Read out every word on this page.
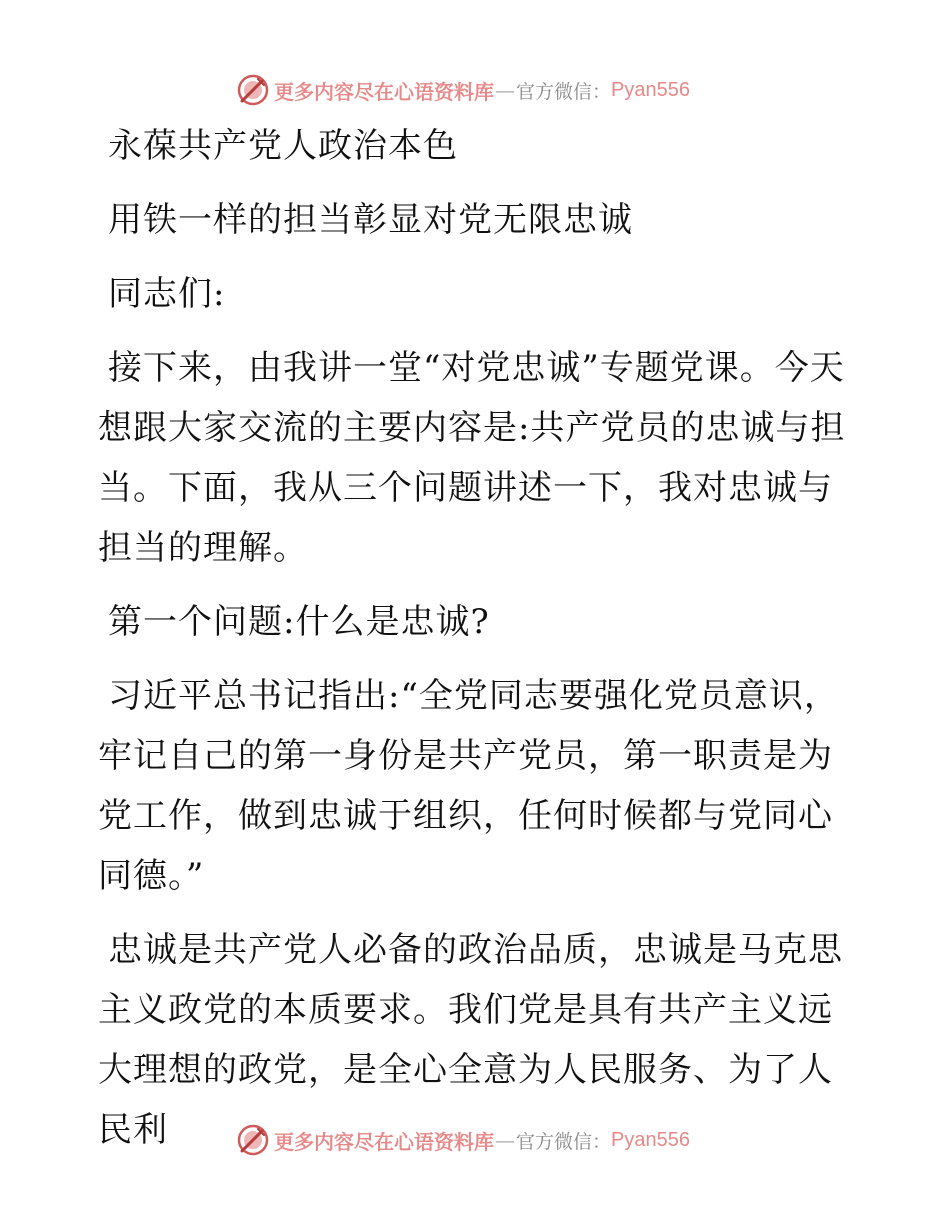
更多内容尽在心语资料库 — 官方微信： Pyan556

永葆共产党人政治本色

用铁一样的担当彰显对党无限忠诚

同志们:

接下来，由我讲一堂“对党忠诚”专题党课。今天想跟大家交流的主要内容是:共产党员的忠诚与担当。下面，我从三个问题讲述一下，我对忠诚与担当的理解。

第一个问题:什么是忠诚?

习近平总书记指出:“全党同志要强化党员意识，牢记自己的第一身份是共产党员，第一职责是为党工作，做到忠诚于组织，任何时候都与党同心同德。”

忠诚是共产党人必备的政治品质，忠诚是马克思主义政党的本质要求。我们党是具有共产主义远大理想的政党，是全心全意为人民服务、为了人民利	更多内容尽在心语资料库 — 官方微信： Pyan556
